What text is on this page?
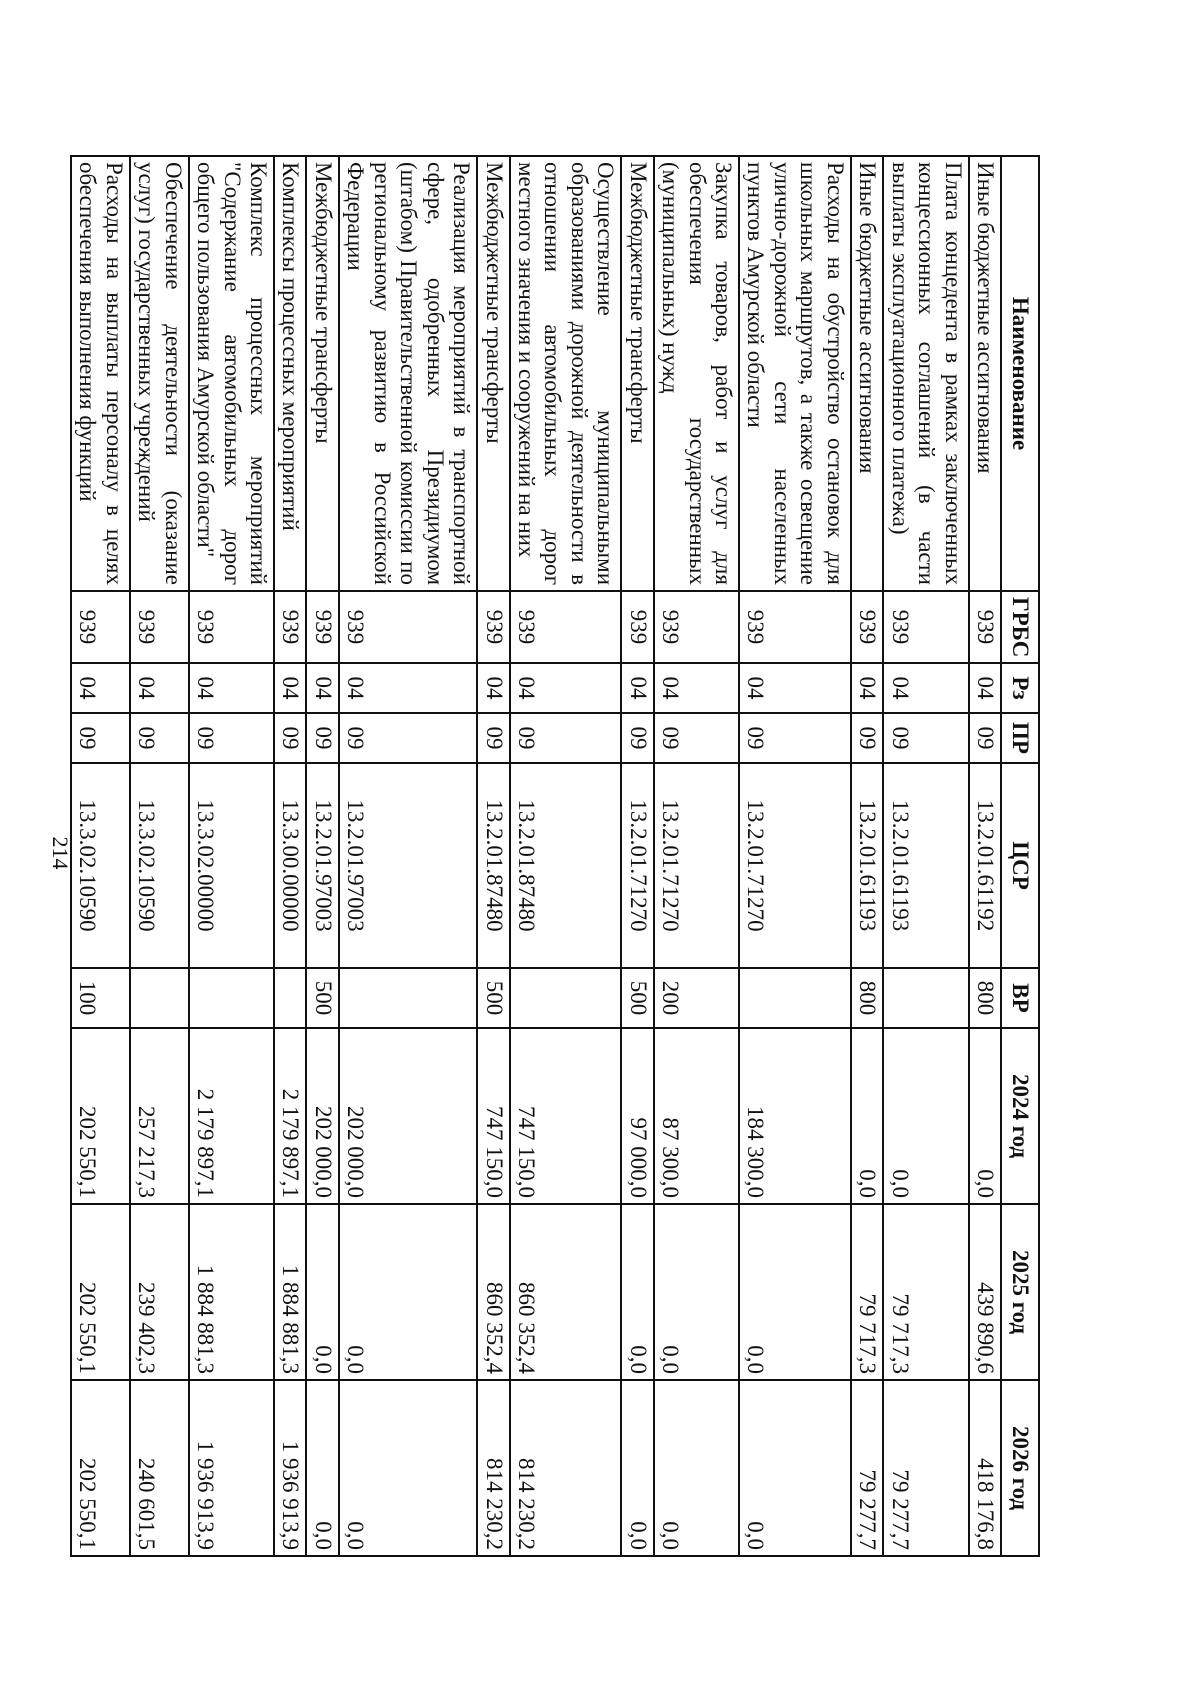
214
Наименование	ГРБС	Рз	ПР	ЦСР	ВР	2024 год	2025 год	2026 год
Иные бюджетные ассигнования	939	04	09	13.2.01.61192	800	0,0	439 890,6	418 176,8
Плата концедента в рамках заключенных концессионных соглашений (в части выплаты эксплуатационного платежа)	939	04	09	13.2.01.61193		0,0	79 717,3	79 277,7
Иные бюджетные ассигнования	939	04	09	13.2.01.61193	800	0,0	79 717,3	79 277,7
Расходы на обустройство остановок для школьных маршрутов, а также освещение улично-дорожной сети населенных пунктов Амурской области	939	04	09	13.2.01.71270		184 300,0	0,0	0,0
Закупка товаров, работ и услуг для обеспечения государственных (муниципальных) нужд	939	04	09	13.2.01.71270	200	87 300,0	0,0	0,0
Межбюджетные трансферты	939	04	09	13.2.01.71270	500	97 000,0	0,0	0,0
Осуществление муниципальными образованиями дорожной деятельности в отношении автомобильных дорог местного значения и сооружений на них	939	04	09	13.2.01.87480		747 150,0	860 352,4	814 230,2
Межбюджетные трансферты	939	04	09	13.2.01.87480	500	747 150,0	860 352,4	814 230,2
Реализация мероприятий в транспортной сфере, одобренных Президиумом (штабом) Правительственной комиссии по региональному развитию в Российской Федерации	939	04	09	13.2.01.97003		202 000,0	0,0	0,0
Межбюджетные трансферты	939	04	09	13.2.01.97003	500	202 000,0	0,0	0,0
Комплексы процессных мероприятий	939	04	09	13.3.00.00000		2 179 897,1	1 884 881,3	1 936 913,9
Комплекс процессных мероприятий "Содержание автомобильных дорог общего пользования Амурской области"	939	04	09	13.3.02.00000		2 179 897,1	1 884 881,3	1 936 913,9
Обеспечение деятельности (оказание услуг) государственных учреждений	939	04	09	13.3.02.10590		257 217,3	239 402,3	240 601,5
Расходы на выплаты персоналу в целях обеспечения выполнения функций	939	04	09	13.3.02.10590	100	202 550,1	202 550,1	202 550,1
